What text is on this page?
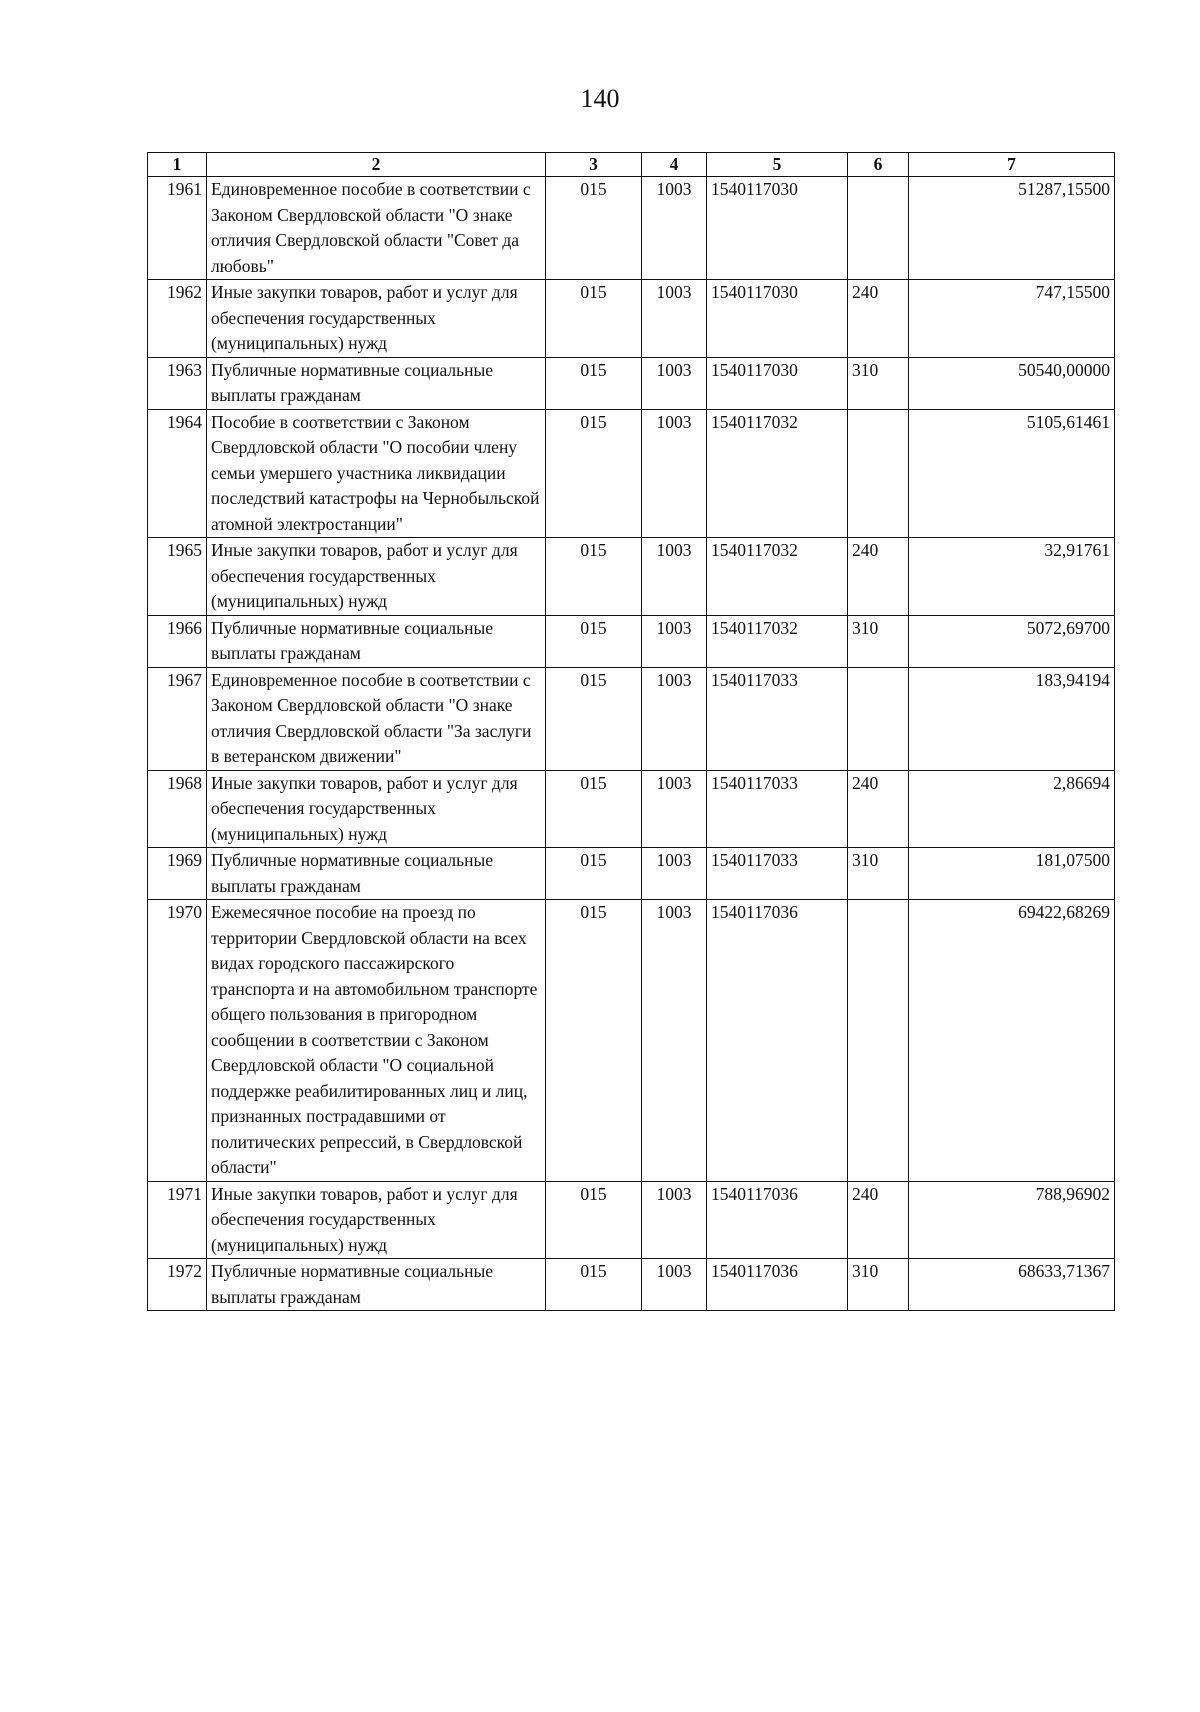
140
1	2	3	4	5	6	7
1961	Единовременное пособие в соответствии с Законом Свердловской области "О знаке отличия Свердловской области "Совет да любовь"	015	1003	1540117030		51287,15500
1962	Иные закупки товаров, работ и услуг для обеспечения государственных (муниципальных) нужд	015	1003	1540117030	240	747,15500
1963	Публичные нормативные социальные выплаты гражданам	015	1003	1540117030	310	50540,00000
1964	Пособие в соответствии с Законом Свердловской области "О пособии члену семьи умершего участника ликвидации последствий катастрофы на Чернобыльской атомной электростанции"	015	1003	1540117032		5105,61461
1965	Иные закупки товаров, работ и услуг для обеспечения государственных (муниципальных) нужд	015	1003	1540117032	240	32,91761
1966	Публичные нормативные социальные выплаты гражданам	015	1003	1540117032	310	5072,69700
1967	Единовременное пособие в соответствии с Законом Свердловской области "О знаке отличия Свердловской области "За заслуги в ветеранском движении"	015	1003	1540117033		183,94194
1968	Иные закупки товаров, работ и услуг для обеспечения государственных (муниципальных) нужд	015	1003	1540117033	240	2,86694
1969	Публичные нормативные социальные выплаты гражданам	015	1003	1540117033	310	181,07500
1970	Ежемесячное пособие на проезд по территории Свердловской области на всех видах городского пассажирского транспорта и на автомобильном транспорте общего пользования в пригородном сообщении в соответствии с Законом Свердловской области "О социальной поддержке реабилитированных лиц и лиц, признанных пострадавшими от политических репрессий, в Свердловской области"	015	1003	1540117036		69422,68269
1971	Иные закупки товаров, работ и услуг для обеспечения государственных (муниципальных) нужд	015	1003	1540117036	240	788,96902
1972	Публичные нормативные социальные выплаты гражданам	015	1003	1540117036	310	68633,71367
